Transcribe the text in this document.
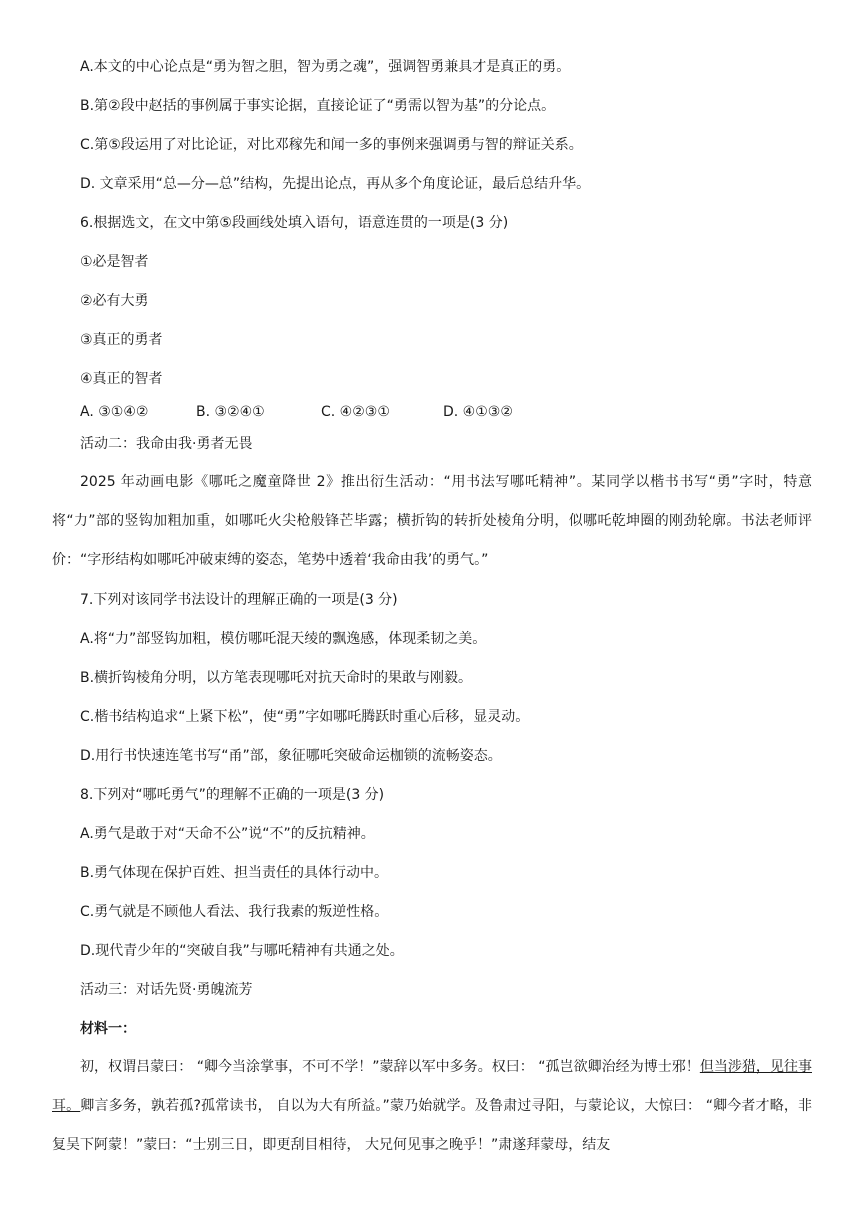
A.本文的中心论点是“勇为智之胆，智为勇之魂”，强调智勇兼具才是真正的勇。
B.第②段中赵括的事例属于事实论据，直接论证了“勇需以智为基”的分论点。
C.第⑤段运用了对比论证，对比邓稼先和闻一多的事例来强调勇与智的辩证关系。
D. 文章采用“总—分—总”结构，先提出论点，再从多个角度论证，最后总结升华。
6.根据选文，在文中第⑤段画线处填入语句，语意连贯的一项是(3 分)
①必是智者
②必有大勇
③真正的勇者
④真正的智者
A. ③①④②	B. ③②④①	C. ④②③①	D. ④①③②
活动二：我命由我·勇者无畏
2025 年动画电影《哪吒之魔童降世 2》推出衍生活动：“用书法写哪吒精神”。某同学以楷书书写“勇”字时，特意将“力”部的竖钩加粗加重，如哪吒火尖枪般锋芒毕露；横折钩的转折处棱角分明，似哪吒乾坤圈的刚劲轮廓。书法老师评价：“字形结构如哪吒冲破束缚的姿态，笔势中透着‘我命由我’的勇气。”
7.下列对该同学书法设计的理解正确的一项是(3 分)
A.将“力”部竖钩加粗，模仿哪吒混天绫的飘逸感，体现柔韧之美。
B.横折钩棱角分明，以方笔表现哪吒对抗天命时的果敢与刚毅。
C.楷书结构追求“上紧下松”，使“勇”字如哪吒腾跃时重心后移，显灵动。
D.用行书快速连笔书写“甬”部，象征哪吒突破命运枷锁的流畅姿态。
8.下列对“哪吒勇气”的理解不正确的一项是(3 分)
A.勇气是敢于对“天命不公”说“不”的反抗精神。
B.勇气体现在保护百姓、担当责任的具体行动中。
C.勇气就是不顾他人看法、我行我素的叛逆性格。
D.现代青少年的“突破自我”与哪吒精神有共通之处。
活动三：对话先贤·勇魄流芳
材料一：
初，权谓吕蒙曰： “卿今当涂掌事，不可不学！”蒙辞以军中多务。权曰： “孤岂欲卿治经为博士邪！但当涉猎，见往事耳。卿言多务，孰若孤?孤常读书， 自以为大有所益。”蒙乃始就学。及鲁肃过寻阳，与蒙论议，大惊曰： “卿今者才略，非复吴下阿蒙！”蒙曰：“士别三日，即更刮目相待， 大兄何见事之晚乎！”肃遂拜蒙母，结友
